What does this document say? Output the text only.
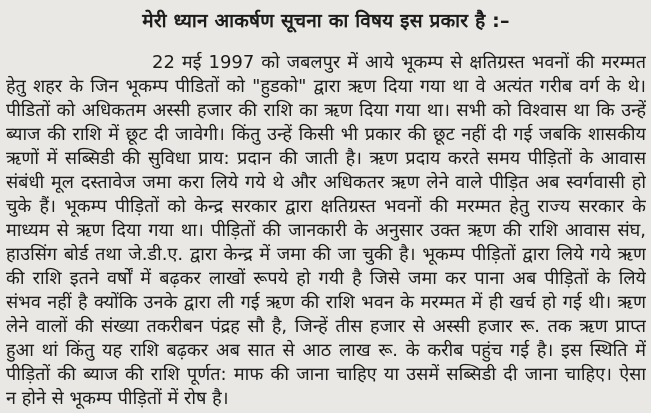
मेरी ध्यान आकर्षण सूचना का विषय इस प्रकार है :–
22 मई 1997 को जबलपुर में आये भूकम्प से क्षतिग्रस्त भवनों की मरम्मत
हेतु शहर के जिन भूकम्प पीडितों को "हुडको" द्वारा ऋण दिया गया था वे अत्यंत गरीब वर्ग के थे।
पीडितों को अधिकतम अस्सी हजार की राशि का ऋण दिया गया था। सभी को विश्वास था कि उन्हें
ब्याज की राशि में छूट दी जावेगी। किंतु उन्हें किसी भी प्रकार की छूट नहीं दी गई जबकि शासकीय
ऋणों में सब्सिडी की सुविधा प्राय: प्रदान की जाती है। ऋण प्रदाय करते समय पीड़ितों के आवास
संबंधी मूल दस्तावेज जमा करा लिये गये थे और अधिकतर ऋण लेने वाले पीड़ित अब स्वर्गवासी हो
चुके हैं। भूकम्प पीड़ितों को केन्द्र सरकार द्वारा क्षतिग्रस्त भवनों की मरम्मत हेतु राज्य सरकार के
माध्यम से ऋण दिया गया था। पीड़ितों की जानकारी के अनुसार उक्त ऋण की राशि आवास संघ,
हाउसिंग बोर्ड तथा जे.डी.ए. द्वारा केन्द्र में जमा की जा चुकी है। भूकम्प पीड़ितों द्वारा लिये गये ऋण
की राशि इतने वर्षों में बढ़कर लाखों रूपये हो गयी है जिसे जमा कर पाना अब पीड़ितों के लिये
संभव नहीं है क्योंकि उनके द्वारा ली गई ऋण की राशि भवन के मरम्मत में ही खर्च हो गई थी। ऋण
लेने वालों की संख्या तकरीबन पंद्रह सौ है, जिन्हें तीस हजार से अस्सी हजार रू. तक ऋण प्राप्त
हुआ थां किंतु यह राशि बढ़कर अब सात से आठ लाख रू. के करीब पहुंच गई है। इस स्थिति में
पीड़ितों की ब्याज की राशि पूर्णत: माफ की जाना चाहिए या उसमें सब्सिडी दी जाना चाहिए। ऐसा
न होने से भूकम्प पीड़ितों में रोष है।
